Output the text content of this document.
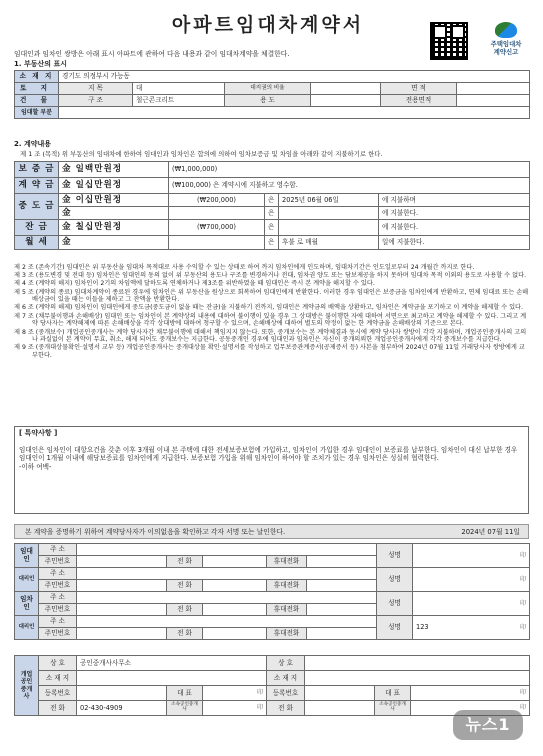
아파트임대차계약서
주택임대차
계약신고
임대인과 임차인 쌍방은 아래 표시 아파트에 관하여 다음 내용과 같이 임대차계약을 체결한다.
1. 부동산의 표시
소 재 지	경기도 의정부시 가능동					
토 지	지 목	대	대지권의 비율		면 적	
건 물	구 조	철근콘크리트	용 도		전용면적	
임대할 부분						
2. 계약내용
제 1 조 (목적) 위 부동산의 임대차에 한하여 임대인과 임차인은 합의에 의하여 임차보증금 및 차임을 아래와 같이 지불하기로 한다.
보 증 금	金 일백만원정	(₩1,000,000)			
계 약 금	金 일십만원정	(₩100,000) 은 계약시에 지불하고 영수함.			
중 도 금	金 이십만원정	(₩200,000)	은	2025년 06월 06일	에 지불하며
	金		은		에 지불한다.
잔 금	金 칠십만원정	(₩700,000)	은		에 지불한다.
월 세	金		은	후불 로 매월	일에 지불한다.

제 2 조 (존속기간) 임대인은 위 부동산을 임대차 목적대로 사용 수익할 수 있는 상태로 하여 까지 임차인에게 인도하며, 임대차기간은 인도일로부터 24 개월간 까지로 한다.

제 3 조 (용도변경 및 전대 등) 임차인은 임대인의 동의 없이 위 부동산의 용도나 구조를 변경하거나 전대, 임차권 양도 또는 담보제공을 하지 못하며 임대차 목적 이외의 용도로 사용할 수 없다.

제 4 조 (계약의 해지) 임차인이 2기의 차임액에 달하도록 연체하거나 제3조를 위반하였을 때 임대인은 즉시 본 계약을 해지할 수 있다.

제 5 조 (계약의 종료) 임대차계약이 종료된 경우에 임차인은 위 부동산을 원상으로 회복하여 임대인에게 반환한다. 이러한 경우 임대인은 보증금을 임차인에게 반환하고, 연체 임대료 또는 손해배상금이 있을 때는 이들을 제하고 그 잔액을 반환한다.

제 6 조 (계약의 해제) 임차인이 임대인에게 중도금(중도금이 없을 때는 잔금)을 지불하기 전까지, 임대인은 계약금의 배액을 상환하고, 임차인은 계약금을 포기하고 이 계약을 해제할 수 있다.

제 7 조 (채무불이행과 손해배상) 임대인 또는 임차인이 본 계약상의 내용에 대하여 불이행이 있을 경우 그 상대방은 불이행한 자에 대하여 서면으로 최고하고 계약을 해제할 수 있다. 그리고 계약 당사자는 계약해제에 따른 손해배상을 각각 상대방에 대하여 청구할 수 있으며, 손해배상에 대하여 별도의 약정이 없는 한 계약금을 손해배상의 기준으로 본다.

제 8 조 (중개보수) 개업공인중개사는 계약 당사자간 채무불이행에 대해서 책임지지 않는다. 또한, 중개보수는 본 계약체결과 동시에 계약 당사자 쌍방이 각각 지불하며, 개업공인중개사의 고의나 과실없이 본 계약이 무효, 취소, 해제 되어도 중개보수는 지급한다. 공동중개인 경우에 임대인과 임차인은 자신이 중개의뢰한 개업공인중개사에게 각각 중개보수를 지급한다.

제 9 조 (중개대상물확인·설명서 교부 등) 개업공인중개사는 중개대상물 확인·설명서를 작성하고 업무보증관계증서(공제증서 등) 사본을 첨부하여 2024년 07월 11일 거래당사자 쌍방에게 교부한다.

[ 특약사항 ]
임대인은 임차인이 대항요건을 갖춘 이후 3개월 이내 본 주택에 대한 전세보증보험에 가입하고, 임차인이 가입한 경우 임대인이 보증료를 납부한다. 임차인이 대신 납부한 경우 임대인이 1개월 이내에 해당보증료를 임차인에게 지급한다. 보증보험 가입을 위해 임차인이 하여야 할 조치가 있는 경우 임차인은 성실히 협력한다.
-이하 여백-
본 계약을 증명하기 위하여 계약당사자가 이의없음을 확인하고 각자 서명 또는 날인한다.	2024년 07월 11일
임대인	주 소						성명	印
	주민번호		전 화		휴대전화			
대리인	주 소						성명	印
	주민번호		전 화		휴대전화			
임차인	주 소						성명	印
	주민번호		전 화		휴대전화			
대리인	주 소						성명	123 印

	주민번호		전 화		휴대전화			
개업공인중개사	상 호	공인중개사사무소			상 호			
	소 재 지				소 재 지			
	등록번호		대 표	印	등록번호		대 표	印
	전 화	02-430-4909	소속공인중개사	印	전 화		소속공인중개사	印
뉴스1
